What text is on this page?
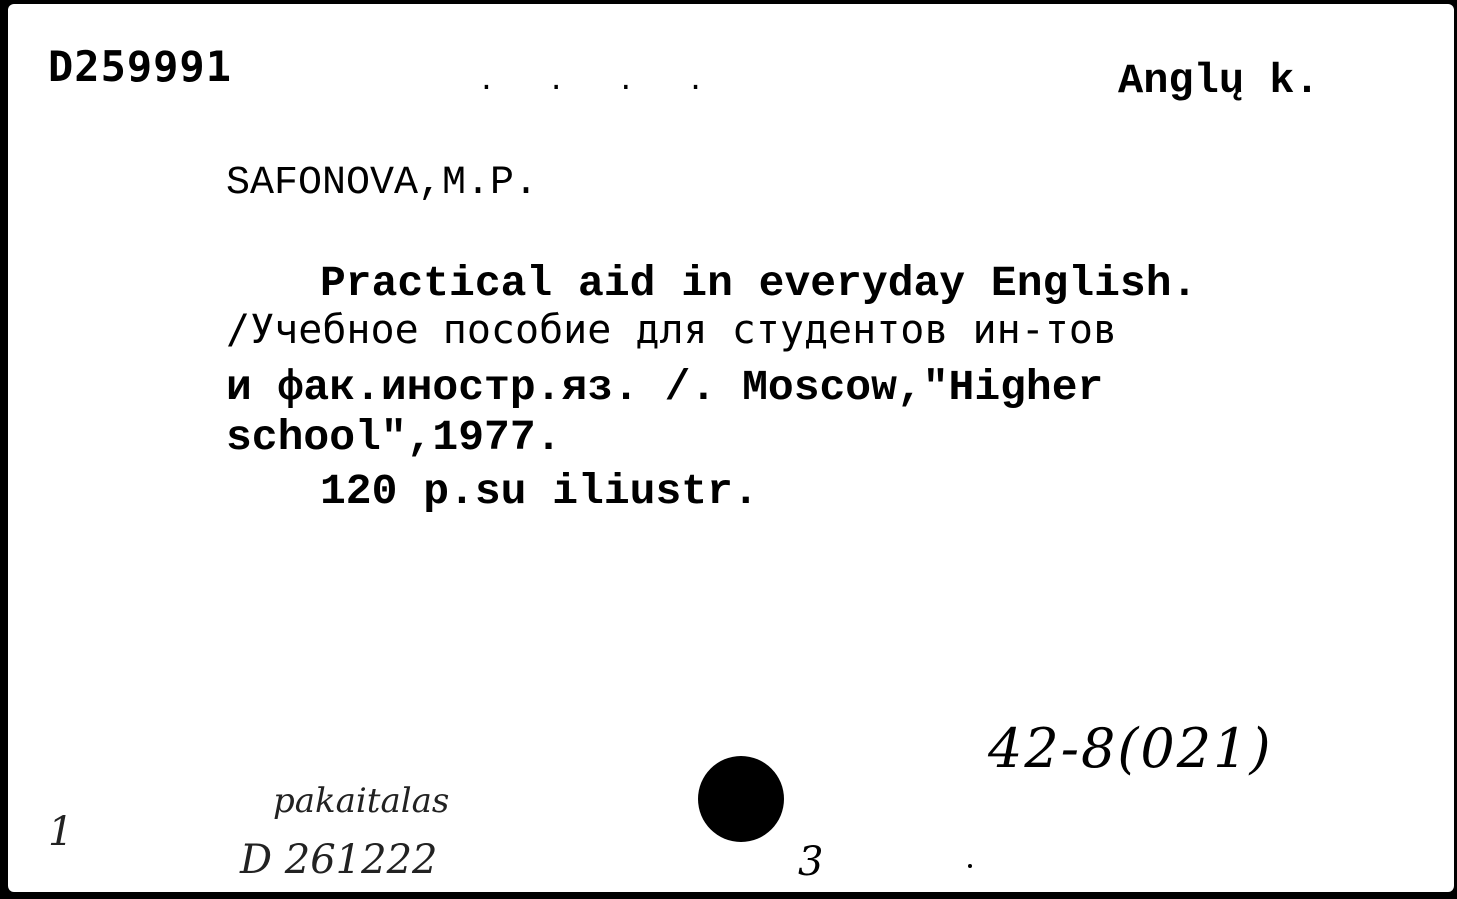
D259991	. . . .	Anglų k.
SAFONOVA,M.P.
Practical aid in everyday English.
/Учебное пособие для студентов ин-тов
и фак.иностр.яз. /. Moscow,"Higher
school",1977.
120 p.su iliustr.
42-8(021)
pakaitalas
D 261222
1
3
